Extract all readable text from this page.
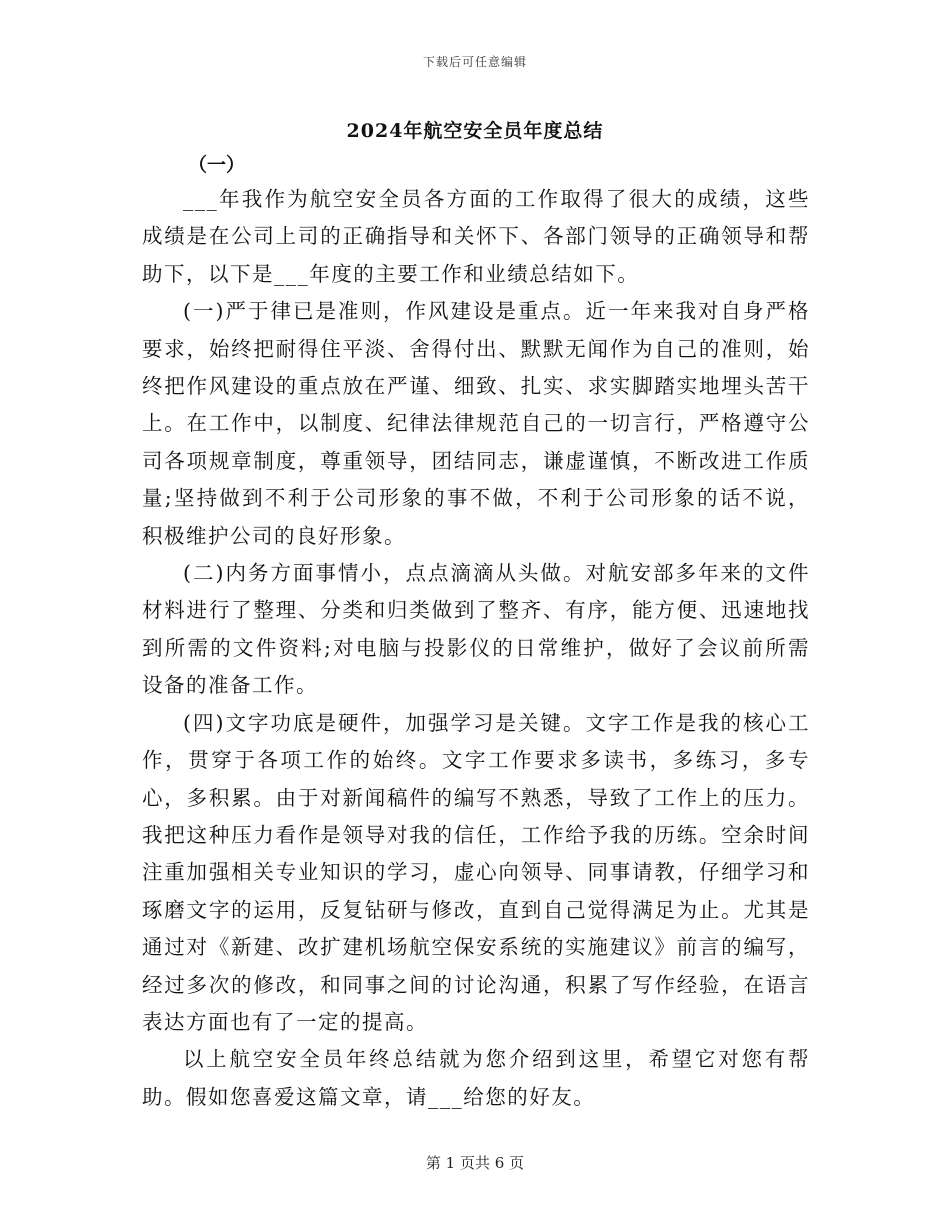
下载后可任意编辑
2024年航空安全员年度总结
（一）

___年我作为航空安全员各方面的工作取得了很大的成绩，这些成绩是在公司上司的正确指导和关怀下、各部门领导的正确领导和帮助下，以下是___年度的主要工作和业绩总结如下。

(一)严于律已是准则，作风建设是重点。近一年来我对自身严格要求，始终把耐得住平淡、舍得付出、默默无闻作为自己的准则，始终把作风建设的重点放在严谨、细致、扎实、求实脚踏实地埋头苦干上。在工作中，以制度、纪律法律规范自己的一切言行，严格遵守公司各项规章制度，尊重领导，团结同志，谦虚谨慎，不断改进工作质量;坚持做到不利于公司形象的事不做，不利于公司形象的话不说，积极维护公司的良好形象。

(二)内务方面事情小，点点滴滴从头做。对航安部多年来的文件材料进行了整理、分类和归类做到了整齐、有序，能方便、迅速地找到所需的文件资料;对电脑与投影仪的日常维护，做好了会议前所需设备的准备工作。

(四)文字功底是硬件，加强学习是关键。文字工作是我的核心工作，贯穿于各项工作的始终。文字工作要求多读书，多练习，多专心，多积累。由于对新闻稿件的编写不熟悉，导致了工作上的压力。我把这种压力看作是领导对我的信任，工作给予我的历练。空余时间注重加强相关专业知识的学习，虚心向领导、同事请教，仔细学习和琢磨文字的运用，反复钻研与修改，直到自己觉得满足为止。尤其是通过对《新建、改扩建机场航空保安系统的实施建议》前言的编写，经过多次的修改，和同事之间的讨论沟通，积累了写作经验，在语言表达方面也有了一定的提高。

以上航空安全员年终总结就为您介绍到这里，希望它对您有帮助。假如您喜爱这篇文章，请___给您的好友。

第 1 页共 6 页
